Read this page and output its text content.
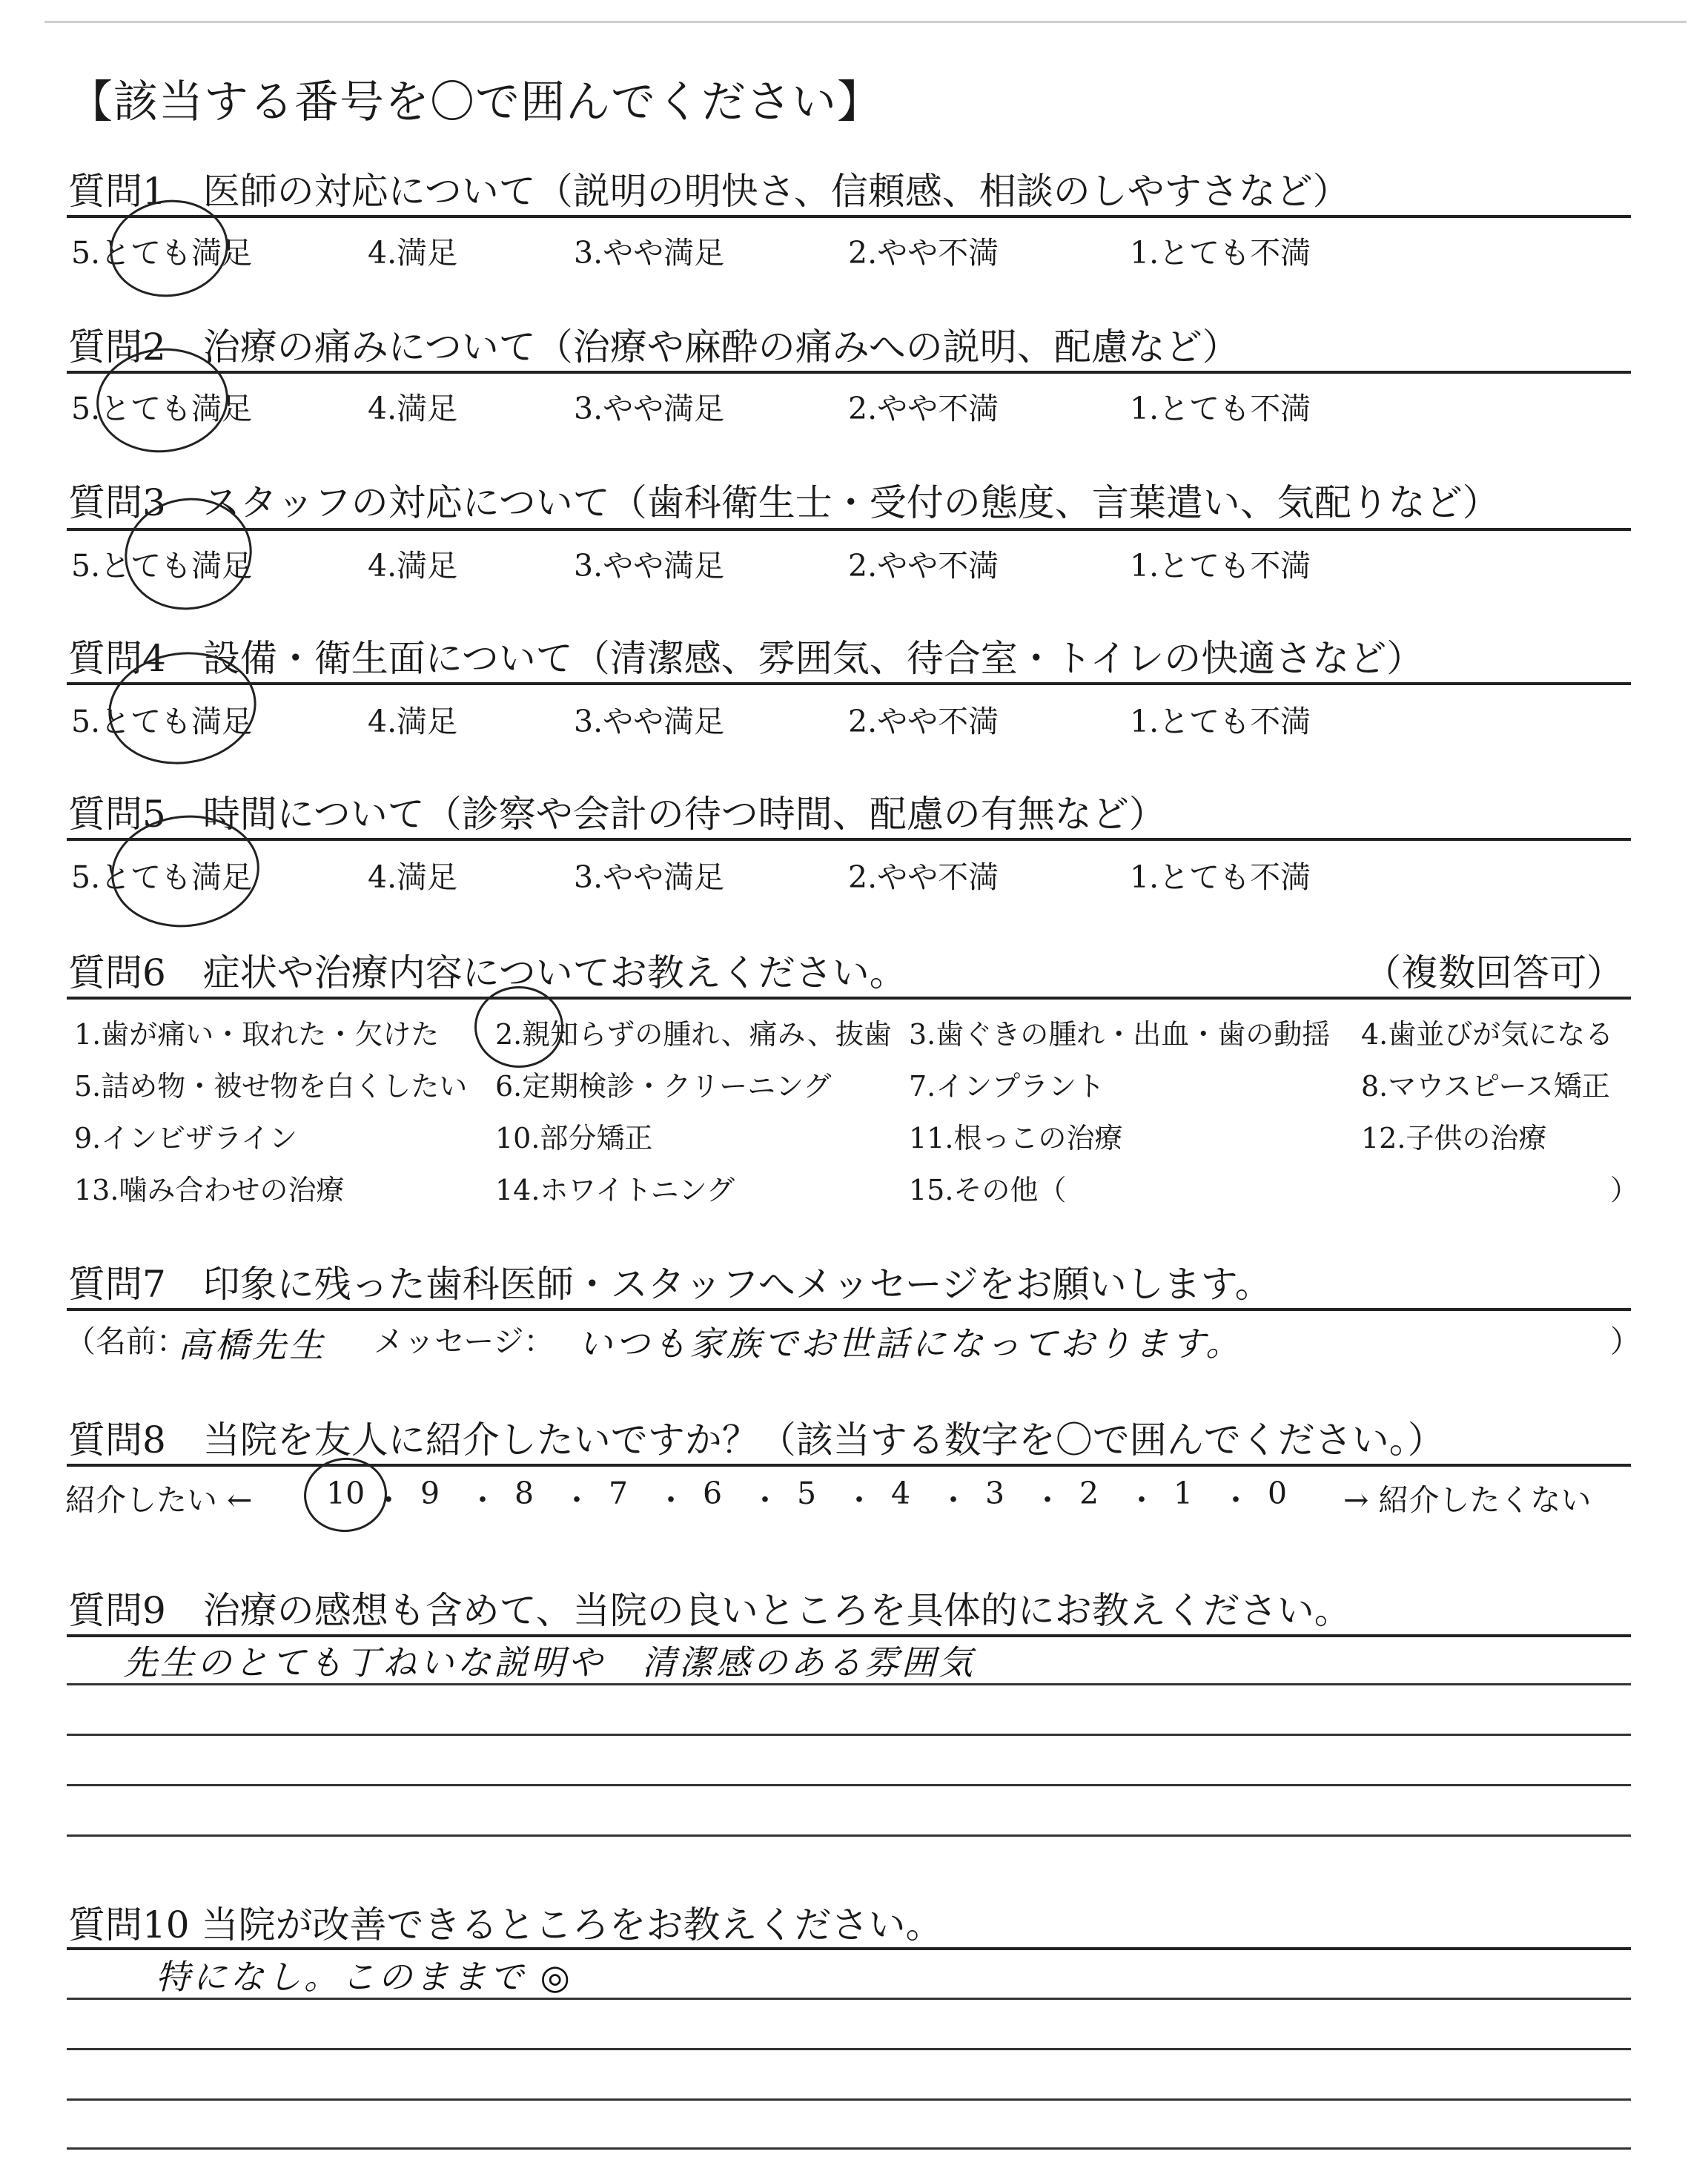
【該当する番号を〇で囲んでください】
質問1　医師の対応について（説明の明快さ、信頼感、相談のしやすさなど）
5.とても満足	4.満足	3.やや満足	2.やや不満	1.とても不満
質問2　治療の痛みについて（治療や麻酔の痛みへの説明、配慮など）
5.とても満足	4.満足	3.やや満足	2.やや不満	1.とても不満
質問3　スタッフの対応について（歯科衛生士・受付の態度、言葉遣い、気配りなど）
5.とても満足	4.満足	3.やや満足	2.やや不満	1.とても不満
質問4　設備・衛生面について（清潔感、雰囲気、待合室・トイレの快適さなど）
5.とても満足	4.満足	3.やや満足	2.やや不満	1.とても不満
質問5　時間について（診察や会計の待つ時間、配慮の有無など）
5.とても満足	4.満足	3.やや満足	2.やや不満	1.とても不満
質問6　症状や治療内容についてお教えください。	（複数回答可）
1.歯が痛い・取れた・欠けた 2.親知らずの腫れ、痛み、抜歯 3.歯ぐきの腫れ・出血・歯の動揺 4.歯並びが気になる
5.詰め物・被せ物を白くしたい 6.定期検診・クリーニング	7.インプラント	8.マウスピース矯正
9.インビザライン	10.部分矯正	11.根っこの治療	12.子供の治療
13.噛み合わせの治療	14.ホワイトニング	15.その他（	）
質問7　印象に残った歯科医師・スタッフへメッセージをお願いします。
（名前：
高橋先生 メッセージ： いつも家族でお世話になっております。	）
質問8　当院を友人に紹介したいですか？（該当する数字を〇で囲んでください。）
紹介したい ← 10 ・ 9 ・ 8 ・ 7 ・ 6 ・ 5 ・ 4 ・ 3 ・ 2 ・ 1 ・ 0 → 紹介したくない
質問9　治療の感想も含めて、当院の良いところを具体的にお教えください。
先生のとても丁ねいな説明や　清潔感のある雰囲気
質問10 当院が改善できるところをお教えください。
特になし。このままで ◎
